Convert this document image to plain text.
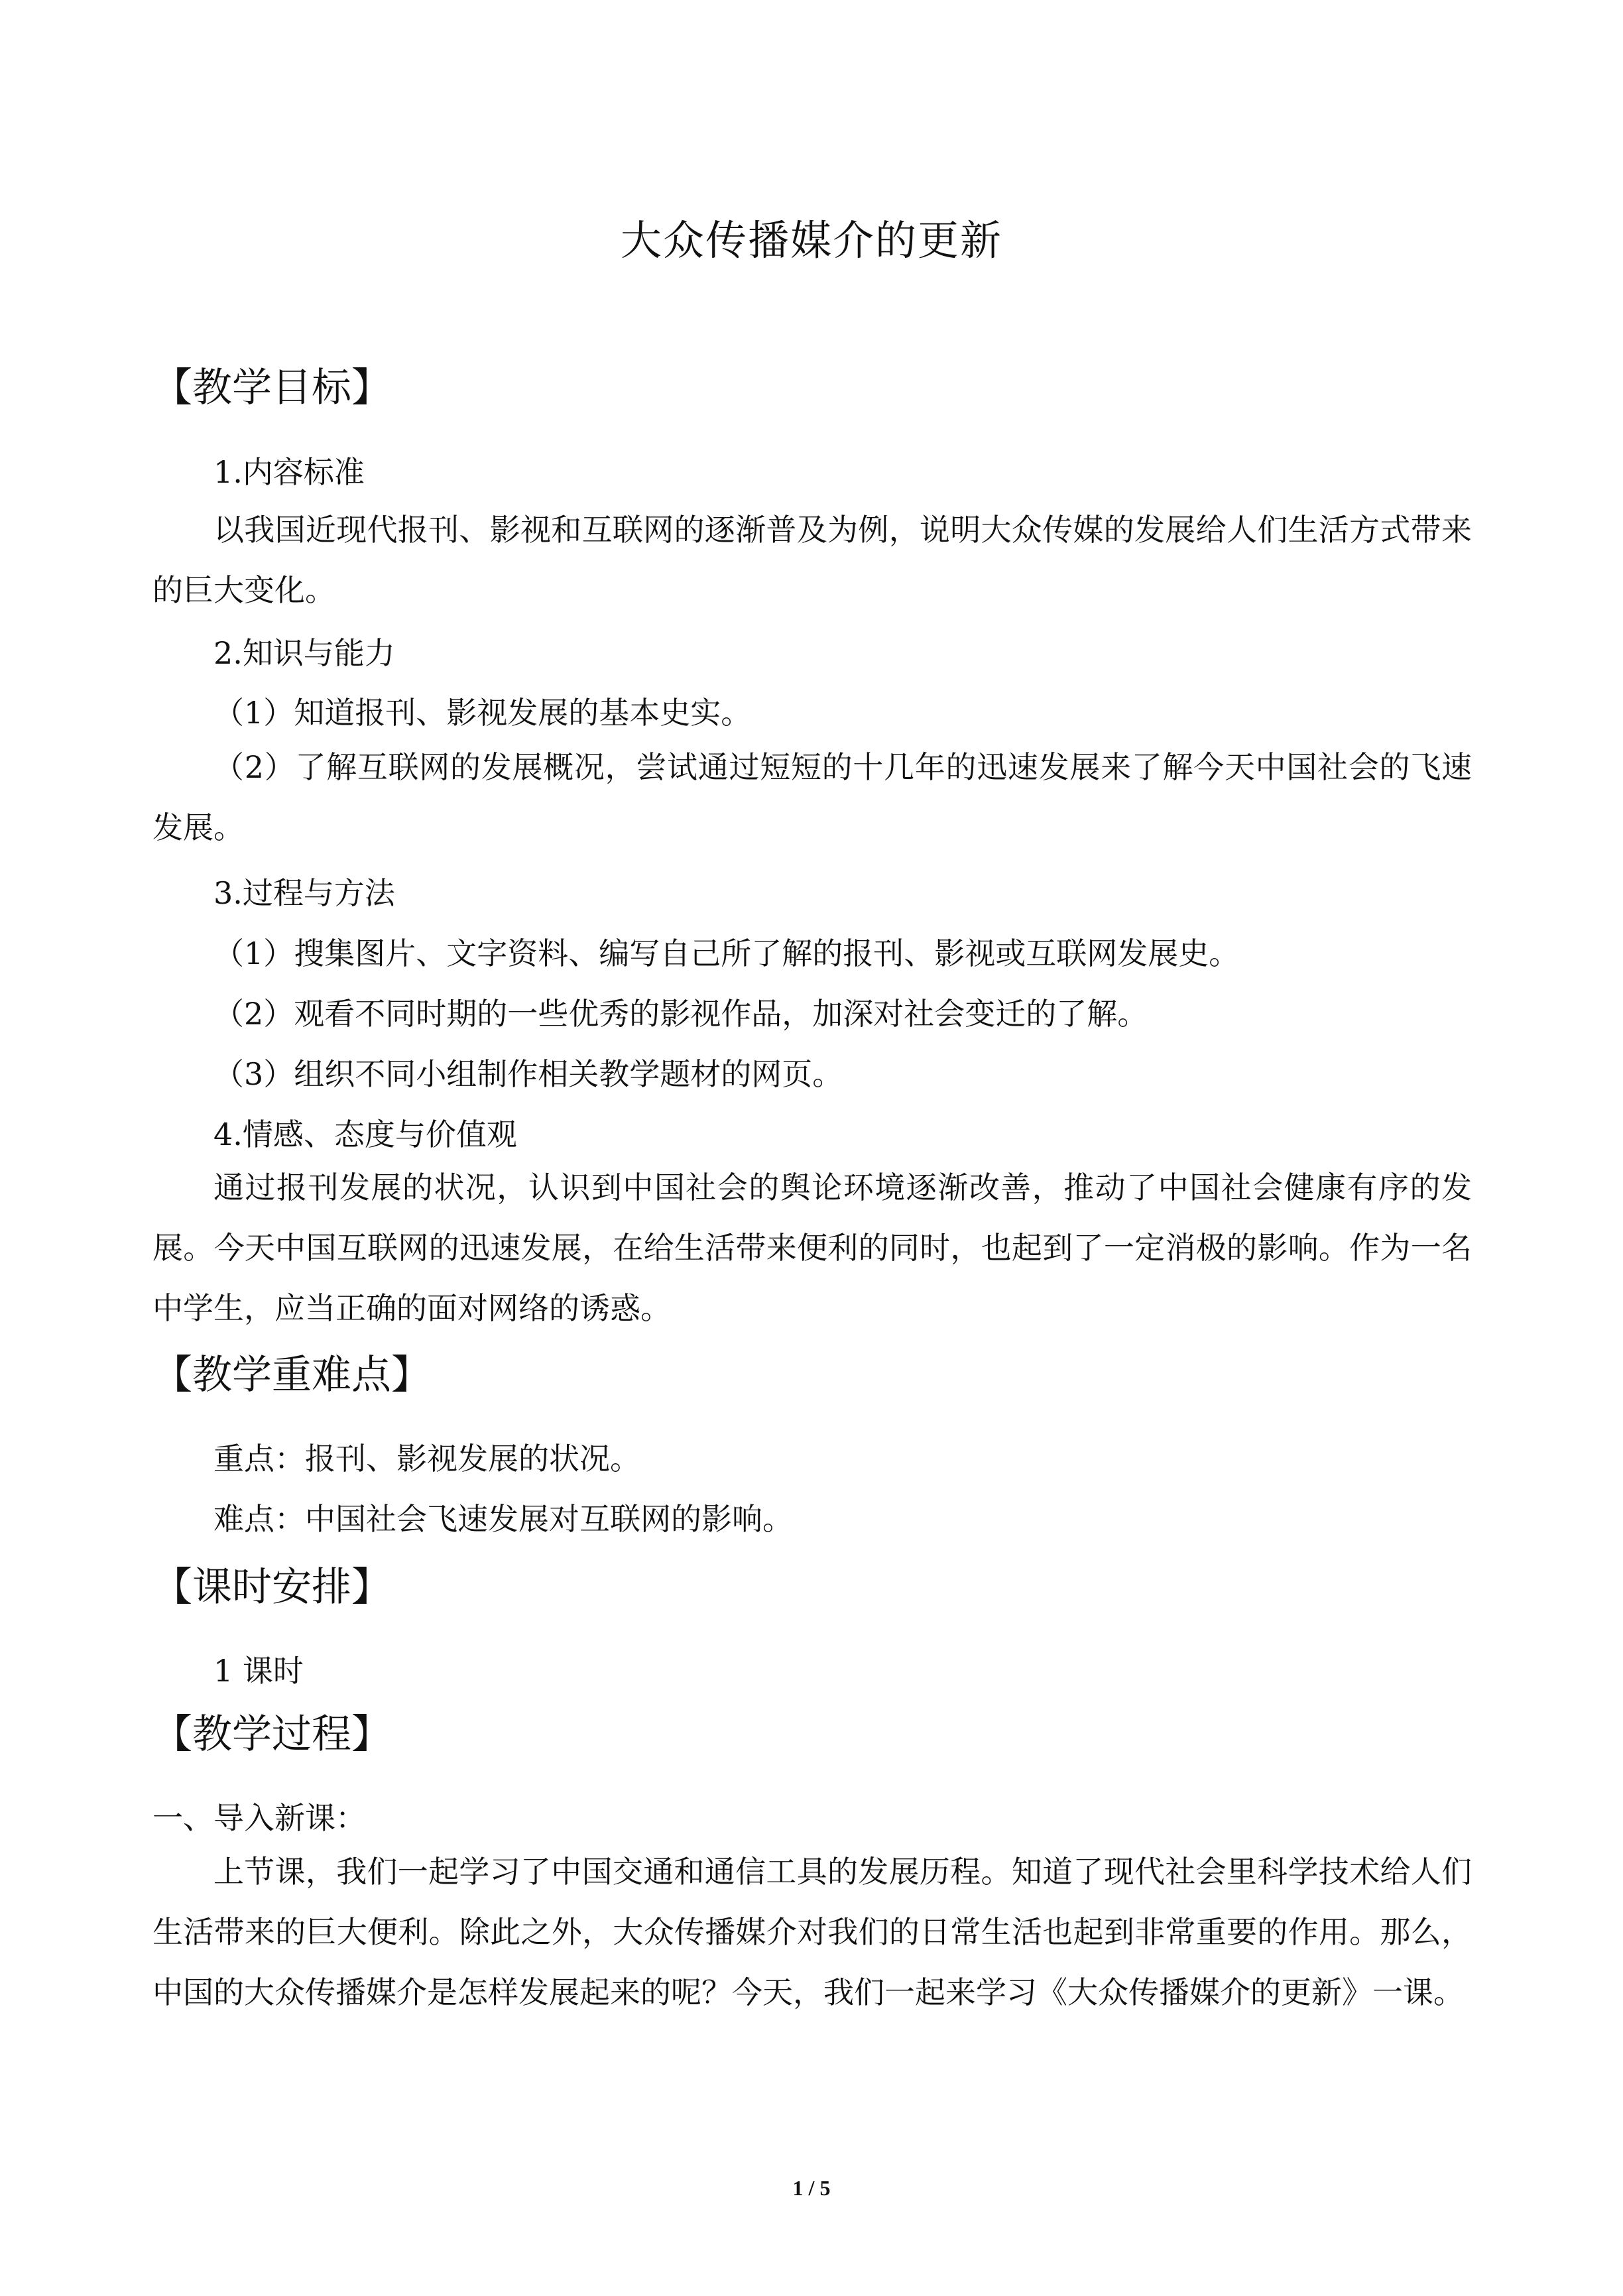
大众传播媒介的更新
【教学目标】
1.内容标准

以我国近现代报刊、影视和互联网的逐渐普及为例，说明大众传媒的发展给人们生活方式带来的巨大变化。

2.知识与能力
（1）知道报刊、影视发展的基本史实。

（2）了解互联网的发展概况，尝试通过短短的十几年的迅速发展来了解今天中国社会的飞速发展。

3.过程与方法
（1）搜集图片、文字资料、编写自己所了解的报刊、影视或互联网发展史。
（2）观看不同时期的一些优秀的影视作品，加深对社会变迁的了解。
（3）组织不同小组制作相关教学题材的网页。
4.情感、态度与价值观

通过报刊发展的状况，认识到中国社会的舆论环境逐渐改善，推动了中国社会健康有序的发展。今天中国互联网的迅速发展，在给生活带来便利的同时，也起到了一定消极的影响。作为一名中学生，应当正确的面对网络的诱惑。

【教学重难点】
重点：报刊、影视发展的状况。
难点：中国社会飞速发展对互联网的影响。
【课时安排】
1 课时
【教学过程】
一、导入新课：

上节课，我们一起学习了中国交通和通信工具的发展历程。知道了现代社会里科学技术给人们生活带来的巨大便利。除此之外，大众传播媒介对我们的日常生活也起到非常重要的作用。那么，中国的大众传播媒介是怎样发展起来的呢？今天，我们一起来学习《大众传播媒介的更新》一课。

1 / 5
